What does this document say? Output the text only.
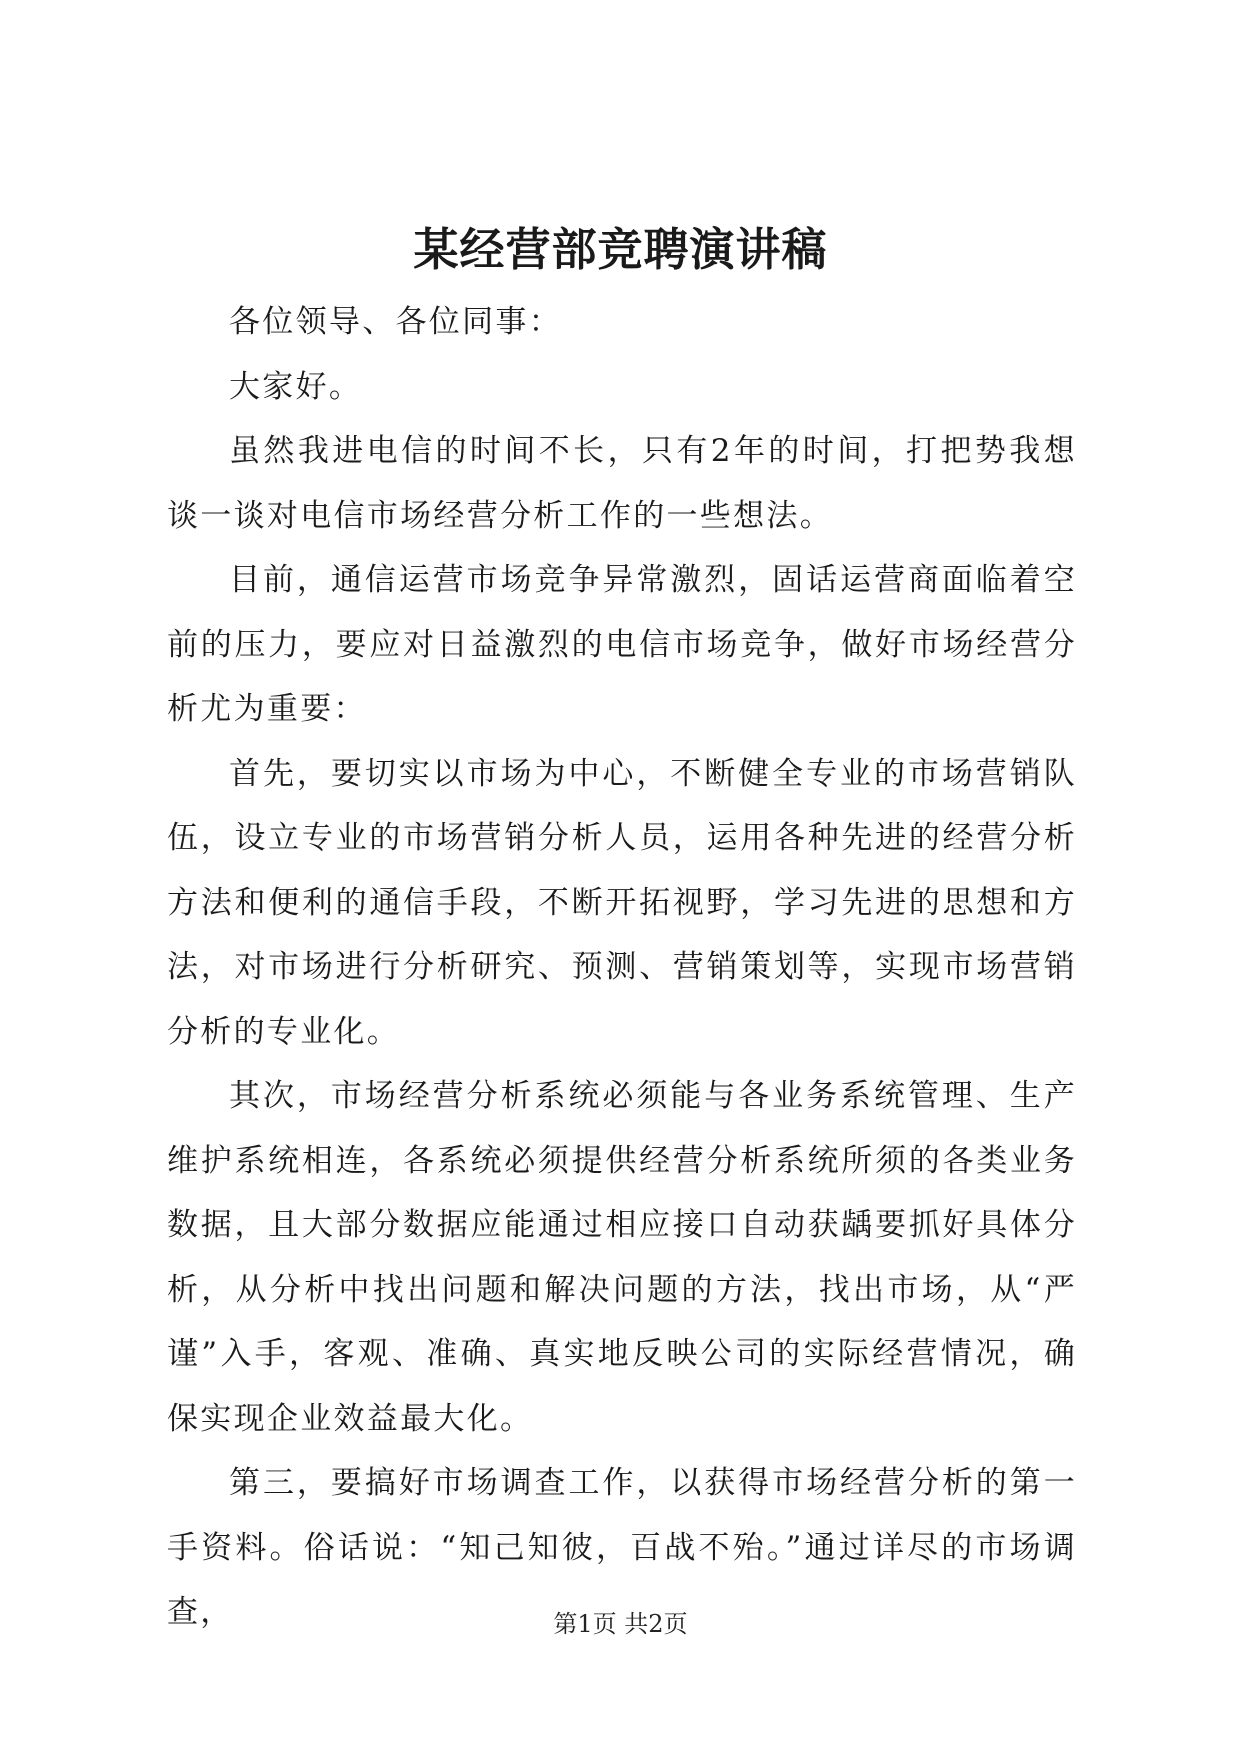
某经营部竞聘演讲稿

各位领导、各位同事：

大家好。

虽然我进电信的时间不长，只有2年的时间，打把势我想谈一谈对电信市场经营分析工作的一些想法。

目前，通信运营市场竞争异常激烈，固话运营商面临着空前的压力，要应对日益激烈的电信市场竞争，做好市场经营分析尤为重要：

首先，要切实以市场为中心，不断健全专业的市场营销队伍，设立专业的市场营销分析人员，运用各种先进的经营分析方法和便利的通信手段，不断开拓视野，学习先进的思想和方法，对市场进行分析研究、预测、营销策划等，实现市场营销分析的专业化。

其次，市场经营分析系统必须能与各业务系统管理、生产维护系统相连，各系统必须提供经营分析系统所须的各类业务数据，且大部分数据应能通过相应接口自动获龋要抓好具体分析，从分析中找出问题和解决问题的方法，找出市场，从“严谨”入手，客观、准确、真实地反映公司的实际经营情况，确保实现企业效益最大化。

第三，要搞好市场调查工作，以获得市场经营分析的第一手资料。俗话说：“知己知彼，百战不殆。”通过详尽的市场调查，	第1页 共2页
